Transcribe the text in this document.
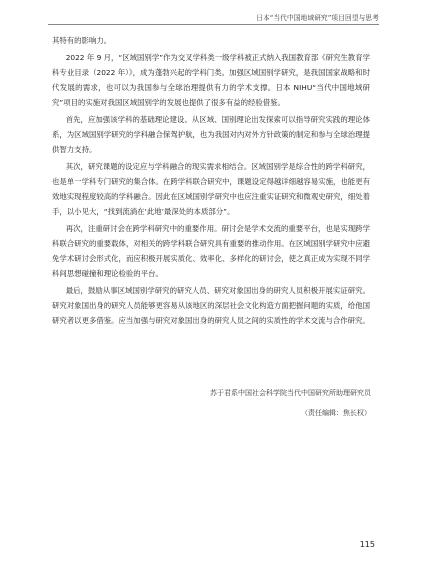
日本“当代中国地域研究”项目回望与思考

其特有的影响力。

2022 年 9 月，“区域国别学”作为交叉学科类一级学科被正式纳入我国教育部《研究生教育学科专业目录（2022 年）》，成为蓬勃兴起的学科门类。加强区域国别学研究，是我国国家战略和时代发展的需求，也可以为我国参与全球治理提供有力的学术支撑。日本 NIHU“当代中国地域研究”项目的实施对我国区域国别学的发展也提供了很多有益的经验借鉴。

首先，应加强该学科的基础理论建设。从区域、国别理论出发探索可以指导研究实践的理论体系，为区域国别学研究的学科融合保驾护航，也为我国对内对外方针政策的制定和参与全球治理提供智力支持。

其次，研究课题的设定应与学科融合的现实需求相结合。区域国别学是综合性的跨学科研究，也是单一学科专门研究的集合体。在跨学科联合研究中，课题设定得越详细越容易实施，也能更有效地实现程度较高的学科融合。因此在区域国别学研究中也应注重实证研究和微观史研究，细处着手，以小见大，“找到流淌在‘此地’最深处的本质部分”。

再次，注重研讨会在跨学科研究中的重要作用。研讨会是学术交流的重要平台，也是实现跨学科联合研究的重要载体，对相关的跨学科联合研究具有重要的推动作用。在区域国别学研究中应避免学术研讨会形式化，而应积极开展实质化、效率化、多样化的研讨会，使之真正成为实现不同学科间思想碰撞和理论检验的平台。

最后，鼓励从事区域国别学研究的研究人员、研究对象国出身的研究人员积极开展实证研究。研究对象国出身的研究人员能够更容易从该地区的深层社会文化构造方面把握问题的实质，给他国研究者以更多借鉴。应当加强与研究对象国出身的研究人员之间的实质性的学术交流与合作研究。

苏于君系中国社会科学院当代中国研究所助理研究员
（责任编辑：焦长权）
115
